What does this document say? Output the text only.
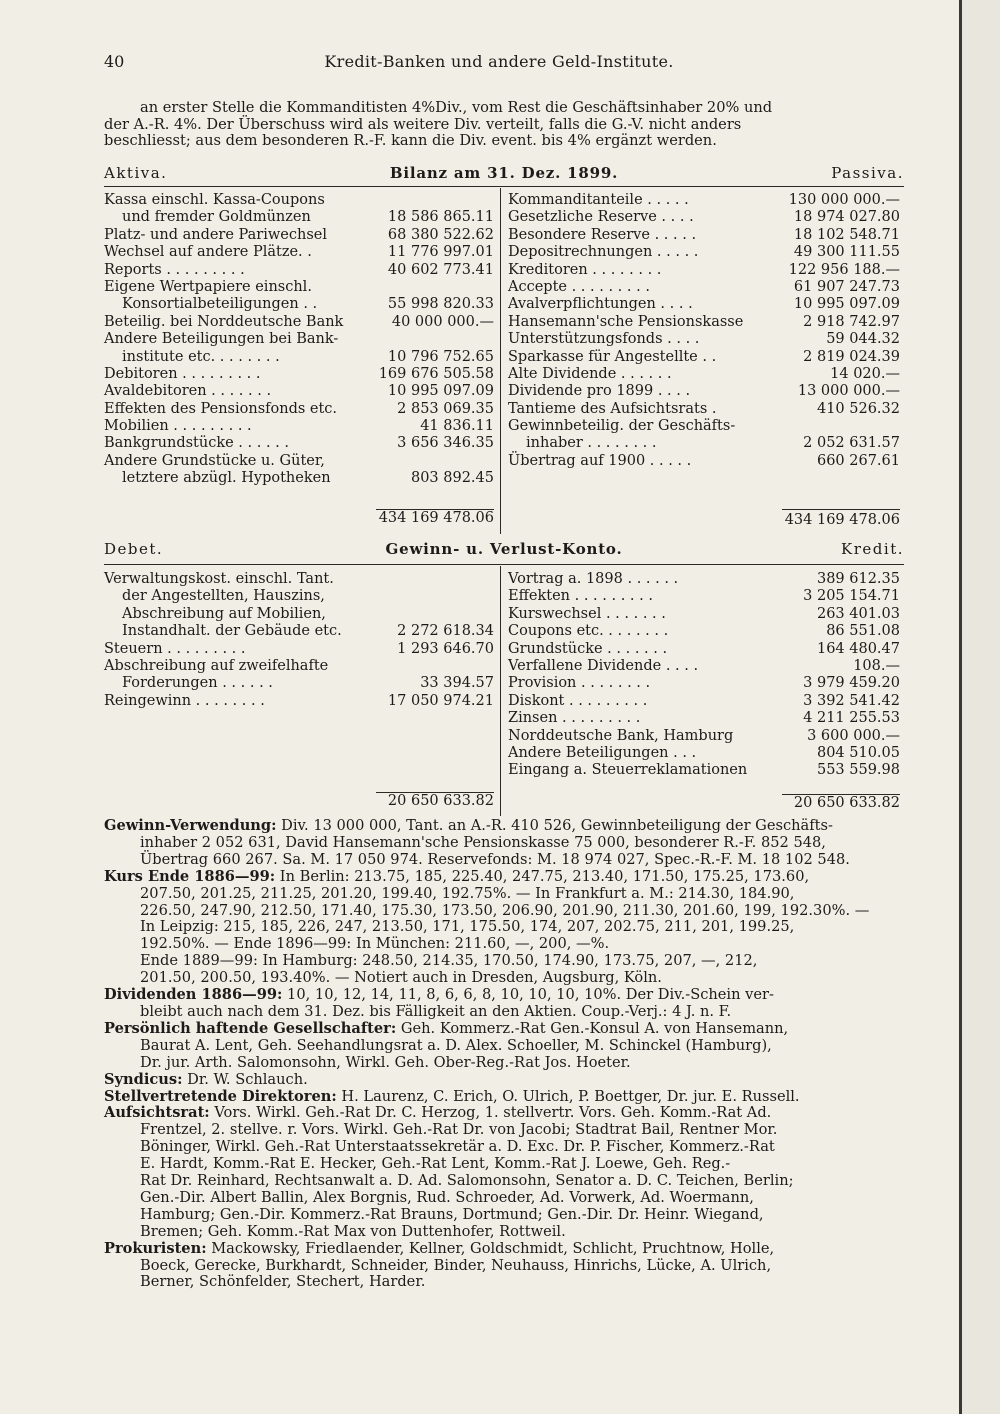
40	Kredit-Banken und andere Geld-Institute.
an erster Stelle die Kommanditisten 4%Div., vom Rest die Geschäftsinhaber 20% und
der A.-R. 4%. Der Überschuss wird als weitere Div. verteilt, falls die G.-V. nicht anders
beschliesst; aus dem besonderen R.-F. kann die Div. event. bis 4% ergänzt werden.
Aktiva.	Bilanz am 31. Dez. 1899.	Passiva.
Kassa einschl. Kassa-Coupons
und fremder Goldmünzen	18 586 865.11
Platz- und andere Pariwechsel	68 380 522.62
Wechsel auf andere Plätze. .	11 776 997.01
Reports . . . . . . . . .	40 602 773.41
Eigene Wertpapiere einschl.
Konsortialbeteiligungen . .	55 998 820.33
Beteilig. bei Norddeutsche Bank	40 000 000.—
Andere Beteiligungen bei Bank-
institute etc. . . . . . . .	10 796 752.65
Debitoren . . . . . . . . .	169 676 505.58
Avaldebitoren . . . . . . .	10 995 097.09
Effekten des Pensionsfonds etc.	2 853 069.35
Mobilien . . . . . . . . .	41 836.11
Bankgrundstücke . . . . . .	3 656 346.35
Andere Grundstücke u. Güter,
letztere abzügl. Hypotheken	803 892.45
434 169 478.06
Kommanditanteile . . . . .	130 000 000.—
Gesetzliche Reserve . . . .	18 974 027.80
Besondere Reserve . . . . .	18 102 548.71
Depositrechnungen . . . . .	49 300 111.55
Kreditoren . . . . . . . .	122 956 188.—
Accepte . . . . . . . . .	61 907 247.73
Avalverpflichtungen . . . .	10 995 097.09
Hansemann'sche Pensionskasse	2 918 742.97
Unterstützungsfonds . . . .	59 044.32
Sparkasse für Angestellte . .	2 819 024.39
Alte Dividende . . . . . .	14 020.—
Dividende pro 1899 . . . .	13 000 000.—
Tantieme des Aufsichtsrats .	410 526.32
Gewinnbeteilig. der Geschäfts-
inhaber . . . . . . . .	2 052 631.57
Übertrag auf 1900 . . . . .	660 267.61
434 169 478.06
Debet.	Gewinn- u. Verlust-Konto.	Kredit.
Verwaltungskost. einschl. Tant.
der Angestellten, Hauszins,
Abschreibung auf Mobilien,
Instandhalt. der Gebäude etc.	2 272 618.34
Steuern . . . . . . . . .	1 293 646.70
Abschreibung auf zweifelhafte
Forderungen . . . . . .	33 394.57
Reingewinn . . . . . . . .	17 050 974.21
20 650 633.82
Vortrag a. 1898 . . . . . .	389 612.35
Effekten . . . . . . . . .	3 205 154.71
Kurswechsel . . . . . . .	263 401.03
Coupons etc. . . . . . . .	86 551.08
Grundstücke . . . . . . .	164 480.47
Verfallene Dividende . . . .	108.—
Provision . . . . . . . .	3 979 459.20
Diskont . . . . . . . . .	3 392 541.42
Zinsen . . . . . . . . .	4 211 255.53
Norddeutsche Bank, Hamburg	3 600 000.—
Andere Beteiligungen . . .	804 510.05
Eingang a. Steuerreklamationen	553 559.98
20 650 633.82
Gewinn-Verwendung: Div. 13 000 000, Tant. an A.-R. 410 526, Gewinnbeteiligung der Geschäfts-
inhaber 2 052 631, David Hansemann'sche Pensionskasse 75 000, besonderer R.-F. 852 548,
Übertrag 660 267. Sa. M. 17 050 974. Reservefonds: M. 18 974 027, Spec.-R.-F. M. 18 102 548.
Kurs Ende 1886—99: In Berlin: 213.75, 185, 225.40, 247.75, 213.40, 171.50, 175.25, 173.60,
207.50, 201.25, 211.25, 201.20, 199.40, 192.75%. — In Frankfurt a. M.: 214.30, 184.90,
226.50, 247.90, 212.50, 171.40, 175.30, 173.50, 206.90, 201.90, 211.30, 201.60, 199, 192.30%. —
In Leipzig: 215, 185, 226, 247, 213.50, 171, 175.50, 174, 207, 202.75, 211, 201, 199.25,
192.50%. — Ende 1896—99: In München: 211.60, —, 200, —%.
Ende 1889—99: In Hamburg: 248.50, 214.35, 170.50, 174.90, 173.75, 207, —, 212,
201.50, 200.50, 193.40%. — Notiert auch in Dresden, Augsburg, Köln.
Dividenden 1886—99: 10, 10, 12, 14, 11, 8, 6, 6, 8, 10, 10, 10, 10%. Der Div.-Schein ver-
bleibt auch nach dem 31. Dez. bis Fälligkeit an den Aktien. Coup.-Verj.: 4 J. n. F.
Persönlich haftende Gesellschafter: Geh. Kommerz.-Rat Gen.-Konsul A. von Hansemann,
Baurat A. Lent, Geh. Seehandlungsrat a. D. Alex. Schoeller, M. Schinckel (Hamburg),
Dr. jur. Arth. Salomonsohn, Wirkl. Geh. Ober-Reg.-Rat Jos. Hoeter.
Syndicus: Dr. W. Schlauch.
Stellvertretende Direktoren: H. Laurenz, C. Erich, O. Ulrich, P. Boettger, Dr. jur. E. Russell.
Aufsichtsrat: Vors. Wirkl. Geh.-Rat Dr. C. Herzog, 1. stellvertr. Vors. Geh. Komm.-Rat Ad.
Frentzel, 2. stellve. r. Vors. Wirkl. Geh.-Rat Dr. von Jacobi; Stadtrat Bail, Rentner Mor.
Böninger, Wirkl. Geh.-Rat Unterstaatssekretär a. D. Exc. Dr. P. Fischer, Kommerz.-Rat
E. Hardt, Komm.-Rat E. Hecker, Geh.-Rat Lent, Komm.-Rat J. Loewe, Geh. Reg.-
Rat Dr. Reinhard, Rechtsanwalt a. D. Ad. Salomonsohn, Senator a. D. C. Teichen, Berlin;
Gen.-Dir. Albert Ballin, Alex Borgnis, Rud. Schroeder, Ad. Vorwerk, Ad. Woermann,
Hamburg; Gen.-Dir. Kommerz.-Rat Brauns, Dortmund; Gen.-Dir. Dr. Heinr. Wiegand,
Bremen; Geh. Komm.-Rat Max von Duttenhofer, Rottweil.
Prokuristen: Mackowsky, Friedlaender, Kellner, Goldschmidt, Schlicht, Pruchtnow, Holle,
Boeck, Gerecke, Burkhardt, Schneider, Binder, Neuhauss, Hinrichs, Lücke, A. Ulrich,
Berner, Schönfelder, Stechert, Harder.
